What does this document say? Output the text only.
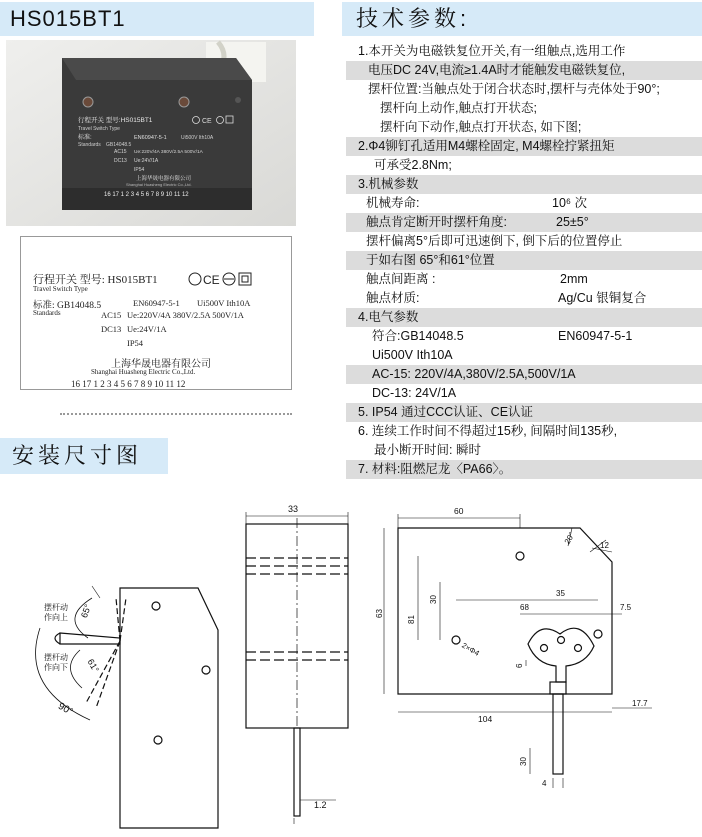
HS015BT1	技术参数:
安装尺寸图
行程开关 型号:HS015BT1
Travel Switch Type
标准:	EN60947-5-1	Ui500V Ith10A
Standards GB14048.5
AC15 Ue:220V/4A 380V/2.5A 500V/1A
DC13 Ue:24V/1A
IP54
上海华晟电器有限公司
Shanghai Huasheng Electric Co.,Ltd.
16 17 1 2 3 4 5 6 7 8 9 10 11 12
CE
行程开关 型号: HS015BT1
Travel Switch Type
标准: GB14048.5
Standards
EN60947-5-1 Ui500V Ith10A
AC15 Ue:220V/4A 380V/2.5A 500V/1A
DC13 Ue:24V/1A
IP54
上海华晟电器有限公司
Shanghai Huasheng Electric Co.,Ltd.
16 17 1 2 3 4 5 6 7 8 9 10 11 12
CE
1.本开关为电磁铁复位开关,有一组触点,选用工作
电压DC 24V,电流≥1.4A时才能触发电磁铁复位,
摆杆位置:当触点处于闭合状态时,摆杆与壳体处于90°;
摆杆向上动作,触点打开状态;
摆杆向下动作,触点打开状态, 如下图;
2.Φ4铆钉孔适用M4螺栓固定, M4螺栓拧紧扭矩
可承受2.8Nm;
3.机械参数
机械寿命:	10⁶ 次
触点肯定断开时摆杆角度:	25±5°
摆杆偏离5°后即可迅速倒下, 倒下后的位置停止
于如右图 65°和61°位置
触点间距离 :	2mm
触点材质:	Ag/Cu 银铜复合
4.电气参数
符合:GB14048.5	EN60947-5-1
Ui500V Ith10A
AC-15: 220V/4A,380V/2.5A,500V/1A
DC-13: 24V/1A
5. IP54 通过CCC认证、CE认证
6. 连续工作时间不得超过15秒, 间隔时间135秒,
最小断开时间: 瞬时
7. 材料:阻燃尼龙〈PA66〉。
摆杆动
作向上
摆杆动
作向下
65°
61°
90°
33
1.2
60
20°	12
30
35
63
81
68	7.5
2×Φ4
6
104
17.7
30
4
